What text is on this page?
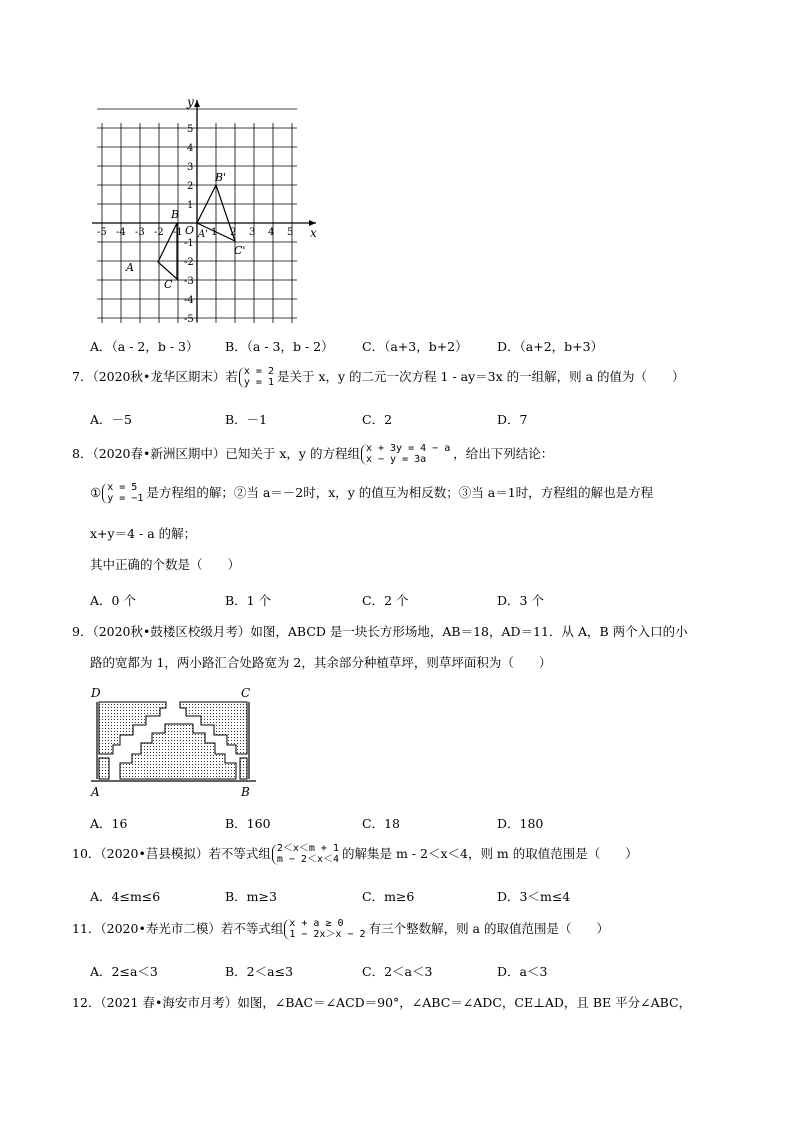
y
x
O
-5 -4 -3 -2 -1	1 2 3 4 5
5
4
3
2
1
-1
-2
-3
-4
-5
A
B
C
A'
B'
C'
A．（a - 2，b - 3） B．（a - 3，b - 2） C．（a+3，b+2） D．（a+2，b+3）
7．（2020秋•龙华区期末）若 x = 2
y = 1 是关于 x，y 的二元一次方程 1 - ay＝3x 的一组解，则 a 的值为（　　）
A．－5	B．－1	C．2	D．7
8．（2020春•新洲区期中）已知关于 x，y 的方程组 x + 3y = 4 − a
x − y = 3a	，给出下列结论：
① x = 5
y = −1 是方程组的解；②当 a＝－2时，x，y 的值互为相反数；③当 a＝1时，方程组的解也是方程
x+y＝4 - a 的解；
其中正确的个数是（　　）
A．0 个	B．1 个	C．2 个	D．3 个
9．（2020秋•鼓楼区校级月考）如图，ABCD 是一块长方形场地，AB＝18，AD＝11．从 A，B 两个入口的小
路的宽都为 1，两小路汇合处路宽为 2，其余部分种植草坪，则草坪面积为（　　）
D	C
A	B
A．16	B．160	C．18	D．180
10．（2020•莒县模拟）若不等式组 2＜x＜m + 1
m − 2＜x＜4 的解集是 m - 2＜x＜4，则 m 的取值范围是（　　）
A．4≤m≤6	B．m≥3	C．m≥6	D．3＜m≤4
11．（2020•寿光市二模）若不等式组 x + a ≥ 0
1 − 2x＞x − 2 有三个整数解，则 a 的取值范围是（　　）
A．2≤a＜3	B．2＜a≤3	C．2＜a＜3	D．a＜3
12．（2021 春•海安市月考）如图，∠BAC＝∠ACD＝90°，∠ABC＝∠ADC，CE⊥AD，且 BE 平分∠ABC，
